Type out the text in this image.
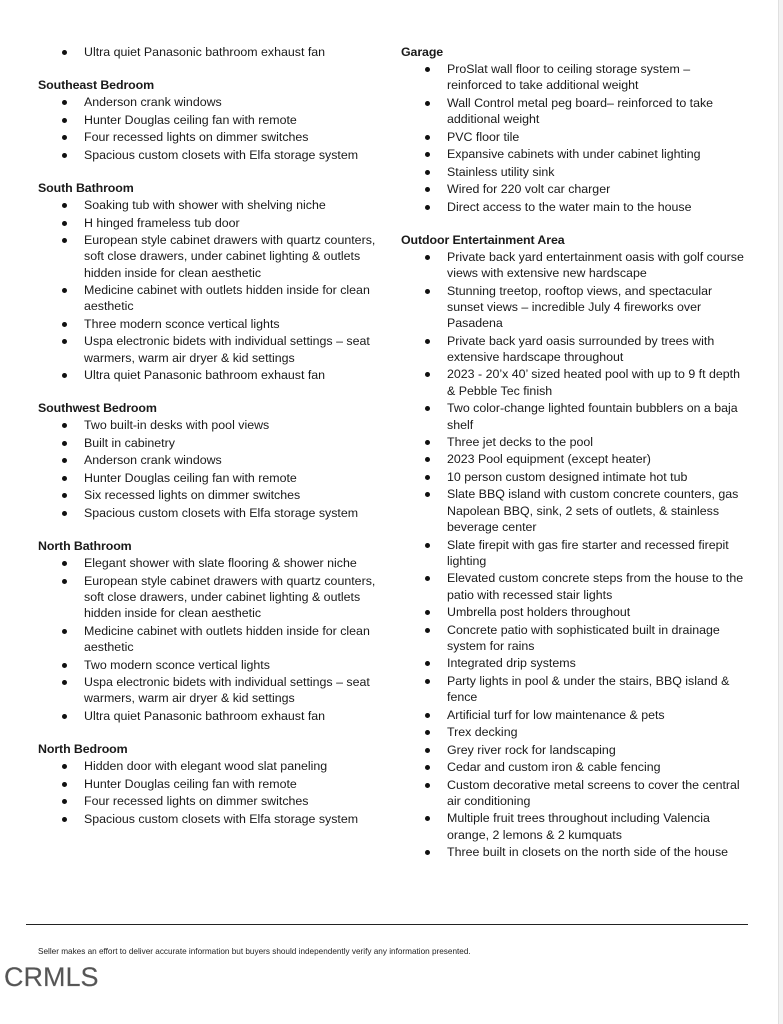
Ultra quiet Panasonic bathroom exhaust fan
Southeast Bedroom
Anderson crank windows
Hunter Douglas ceiling fan with remote
Four recessed lights on dimmer switches
Spacious custom closets with Elfa storage system
South Bathroom
Soaking tub with shower with shelving niche
H hinged frameless tub door
European style cabinet drawers with quartz counters, soft close drawers, under cabinet lighting & outlets hidden inside for clean aesthetic
Medicine cabinet with outlets hidden inside for clean aesthetic
Three modern sconce vertical lights
Uspa electronic bidets with individual settings – seat warmers, warm air dryer & kid settings
Ultra quiet Panasonic bathroom exhaust fan
Southwest Bedroom
Two built-in desks with pool views
Built in cabinetry
Anderson crank windows
Hunter Douglas ceiling fan with remote
Six recessed lights on dimmer switches
Spacious custom closets with Elfa storage system
North Bathroom
Elegant shower with slate flooring & shower niche
European style cabinet drawers with quartz counters, soft close drawers, under cabinet lighting & outlets hidden inside for clean aesthetic
Medicine cabinet with outlets hidden inside for clean aesthetic
Two modern sconce vertical lights
Uspa electronic bidets with individual settings – seat warmers, warm air dryer & kid settings
Ultra quiet Panasonic bathroom exhaust fan
North Bedroom
Hidden door with elegant wood slat paneling
Hunter Douglas ceiling fan with remote
Four recessed lights on dimmer switches
Spacious custom closets with Elfa storage system
Garage
ProSlat wall floor to ceiling storage system – reinforced to take additional weight
Wall Control metal peg board– reinforced to take additional weight
PVC floor tile
Expansive cabinets with under cabinet lighting
Stainless utility sink
Wired for 220 volt car charger
Direct access to the water main to the house
Outdoor Entertainment Area
Private back yard entertainment oasis with golf course views with extensive new hardscape
Stunning treetop, rooftop views, and spectacular sunset views – incredible July 4 fireworks over Pasadena
Private back yard oasis surrounded by trees with extensive hardscape throughout
2023 - 20’x 40’ sized heated pool with up to 9 ft depth & Pebble Tec finish
Two color-change lighted fountain bubblers on a baja shelf
Three jet decks to the pool
2023 Pool equipment (except heater)
10 person custom designed intimate hot tub
Slate BBQ island with custom concrete counters, gas Napolean BBQ, sink, 2 sets of outlets, & stainless beverage center
Slate firepit with gas fire starter and recessed firepit lighting
Elevated custom concrete steps from the house to the patio with recessed stair lights
Umbrella post holders throughout
Concrete patio with sophisticated built in drainage system for rains
Integrated drip systems
Party lights in pool & under the stairs, BBQ island & fence
Artificial turf for low maintenance & pets
Trex decking
Grey river rock for landscaping
Cedar and custom iron & cable fencing
Custom decorative metal screens to cover the central air conditioning
Multiple fruit trees throughout including Valencia orange, 2 lemons & 2 kumquats
Three built in closets on the north side of the house
Seller makes an effort to deliver accurate information but buyers should independently verify any information presented.
CRMLS
